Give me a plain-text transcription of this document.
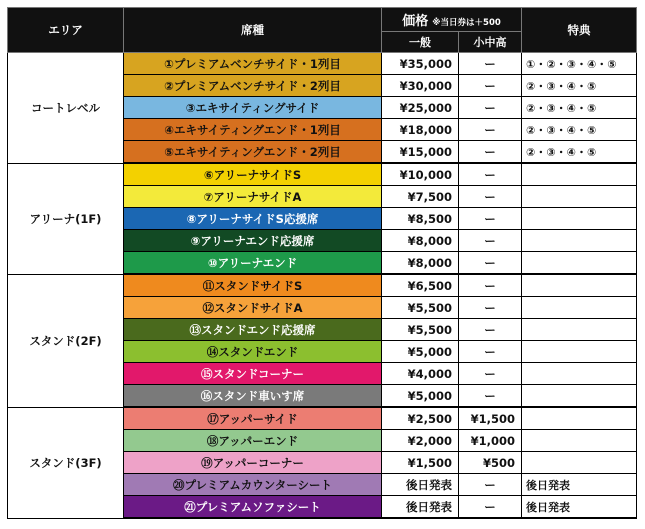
エリア	席種	価格 ※当日券は＋500		特典
		一般	小中高	
コートレベル	①プレミアムベンチサイド・1列目	¥35,000	ー	①・②・③・④・⑤
	②プレミアムベンチサイド・2列目	¥30,000	ー	②・③・④・⑤
	③エキサイティングサイド	¥25,000	ー	②・③・④・⑤
	④エキサイティングエンド・1列目	¥18,000	ー	②・③・④・⑤
	⑤エキサイティングエンド・2列目	¥15,000	ー	②・③・④・⑤
アリーナ(1F)	⑥アリーナサイドS	¥10,000	ー	
	⑦アリーナサイドA	¥7,500	ー	
	⑧アリーナサイドS応援席	¥8,500	ー	
	⑨アリーナエンド応援席	¥8,000	ー	
	⑩アリーナエンド	¥8,000	ー	
スタンド(2F)	⑪スタンドサイドS	¥6,500	ー	
	⑫スタンドサイドA	¥5,500	ー	
	⑬スタンドエンド応援席	¥5,500	ー	
	⑭スタンドエンド	¥5,000	ー	
	⑮スタンドコーナー	¥4,000	ー	
	⑯スタンド車いす席	¥5,000	ー	
スタンド(3F)	⑰アッパーサイド	¥2,500	¥1,500	
	⑱アッパーエンド	¥2,000	¥1,000	
	⑲アッパーコーナー	¥1,500	¥500	
	⑳プレミアムカウンターシート	後日発表	ー	後日発表
	㉑プレミアムソファシート	後日発表	ー	後日発表
